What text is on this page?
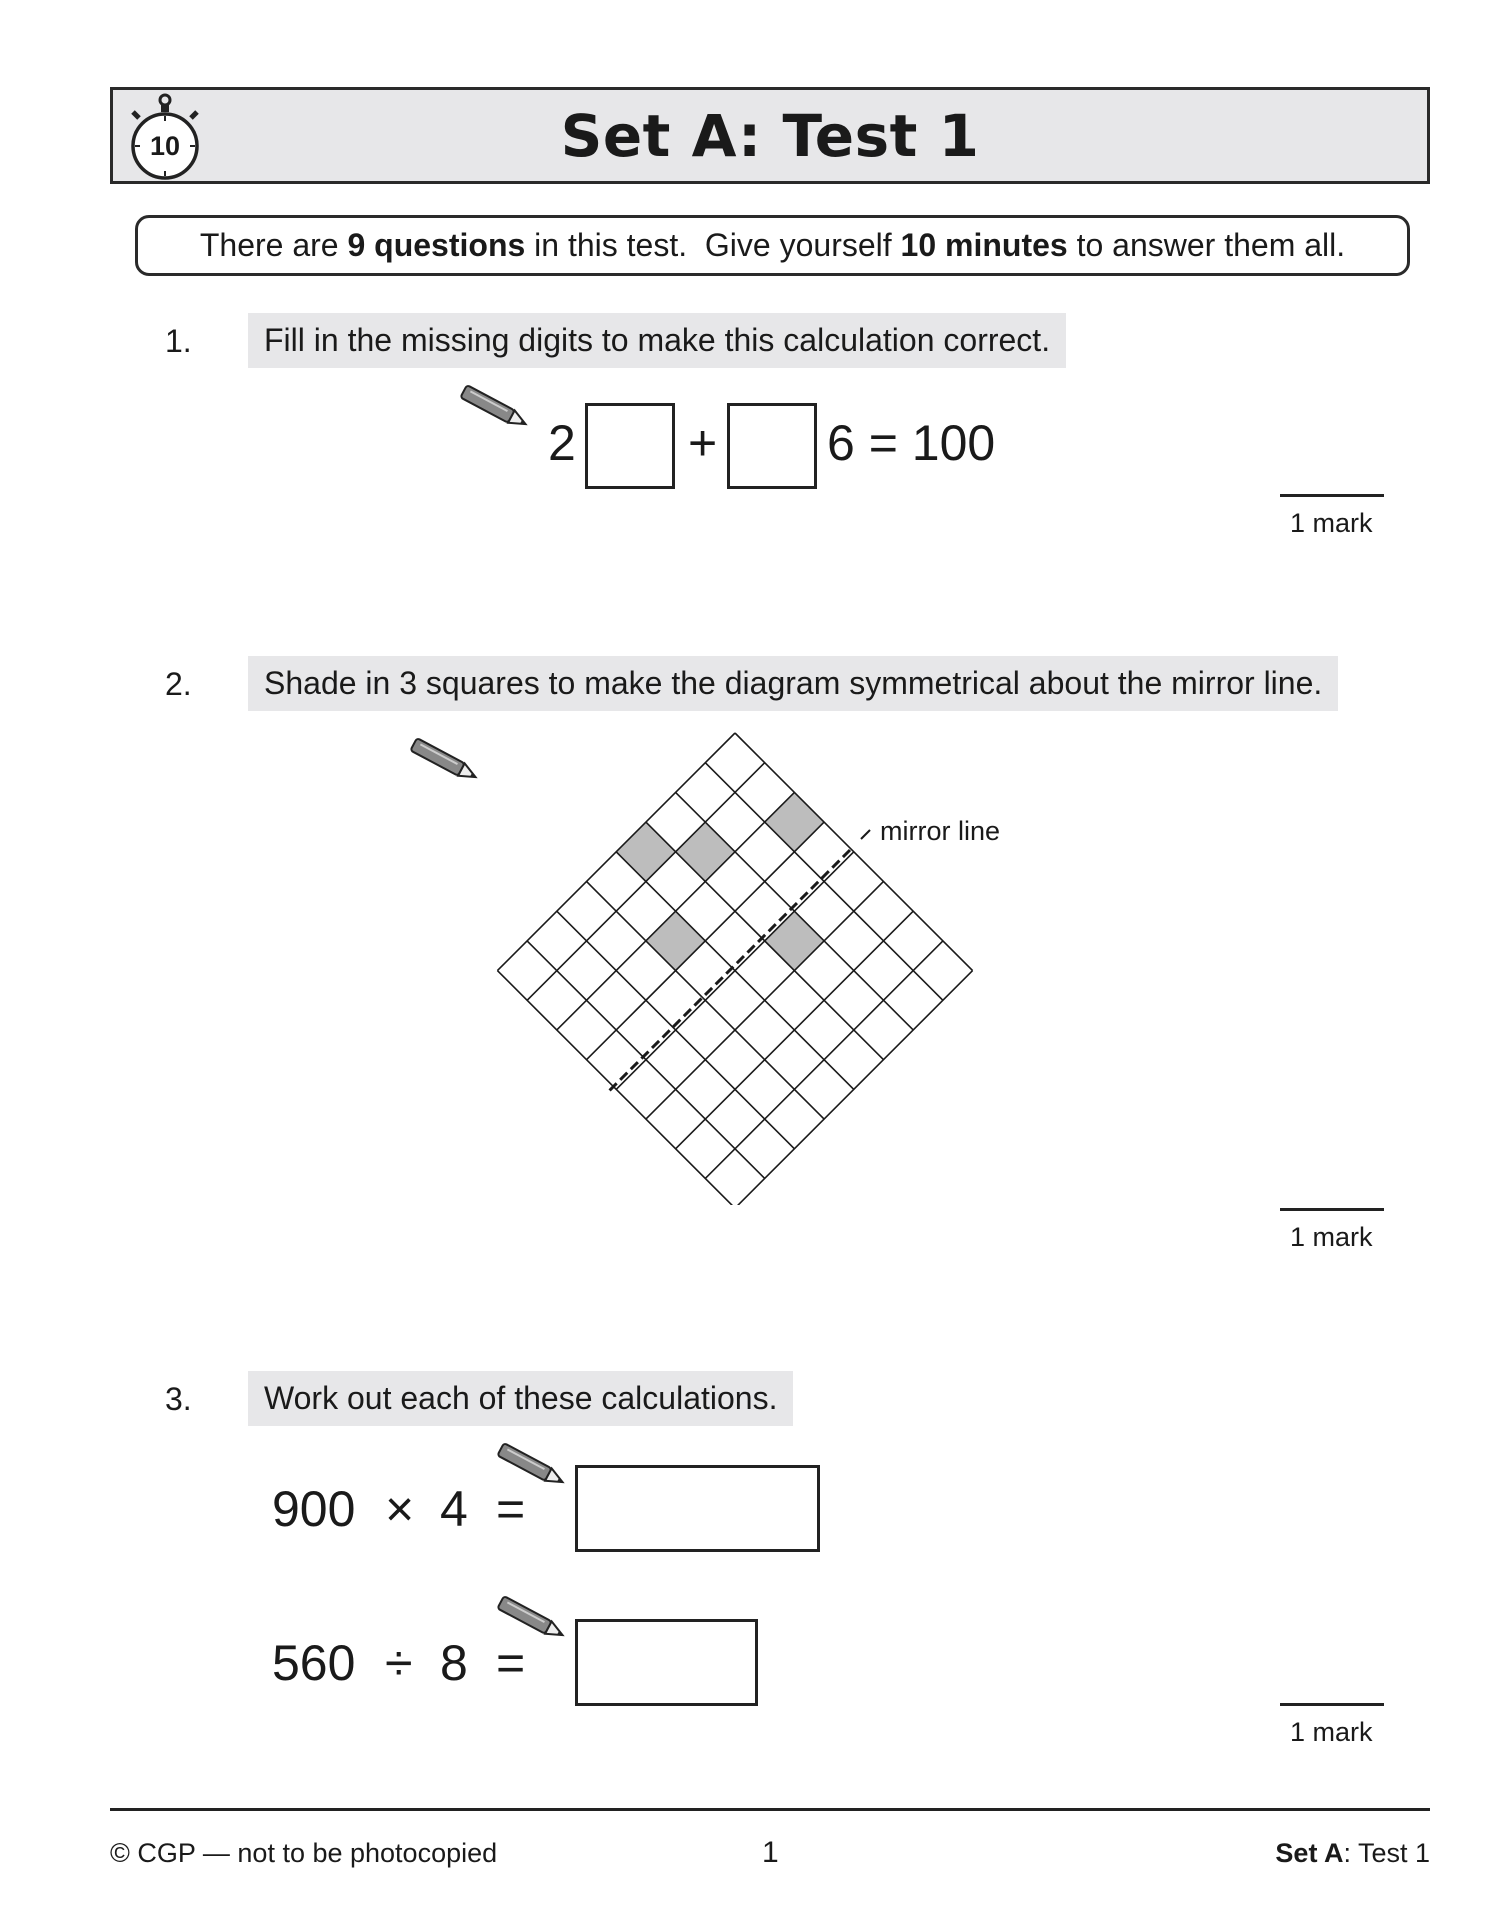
10	Set A: Test 1
There are 9 questions in this test.  Give yourself 10 minutes to answer them all.
1.	Fill in the missing digits to make this calculation correct.
2 + 6 = 100
1 mark
2.	Shade in 3 squares to make the diagram symmetrical about the mirror line.
mirror line
1 mark
3.	Work out each of these calculations.
900 × 4 =
560 ÷ 8 =
1 mark
© CGP — not to be photocopied	1	Set A: Test 1
